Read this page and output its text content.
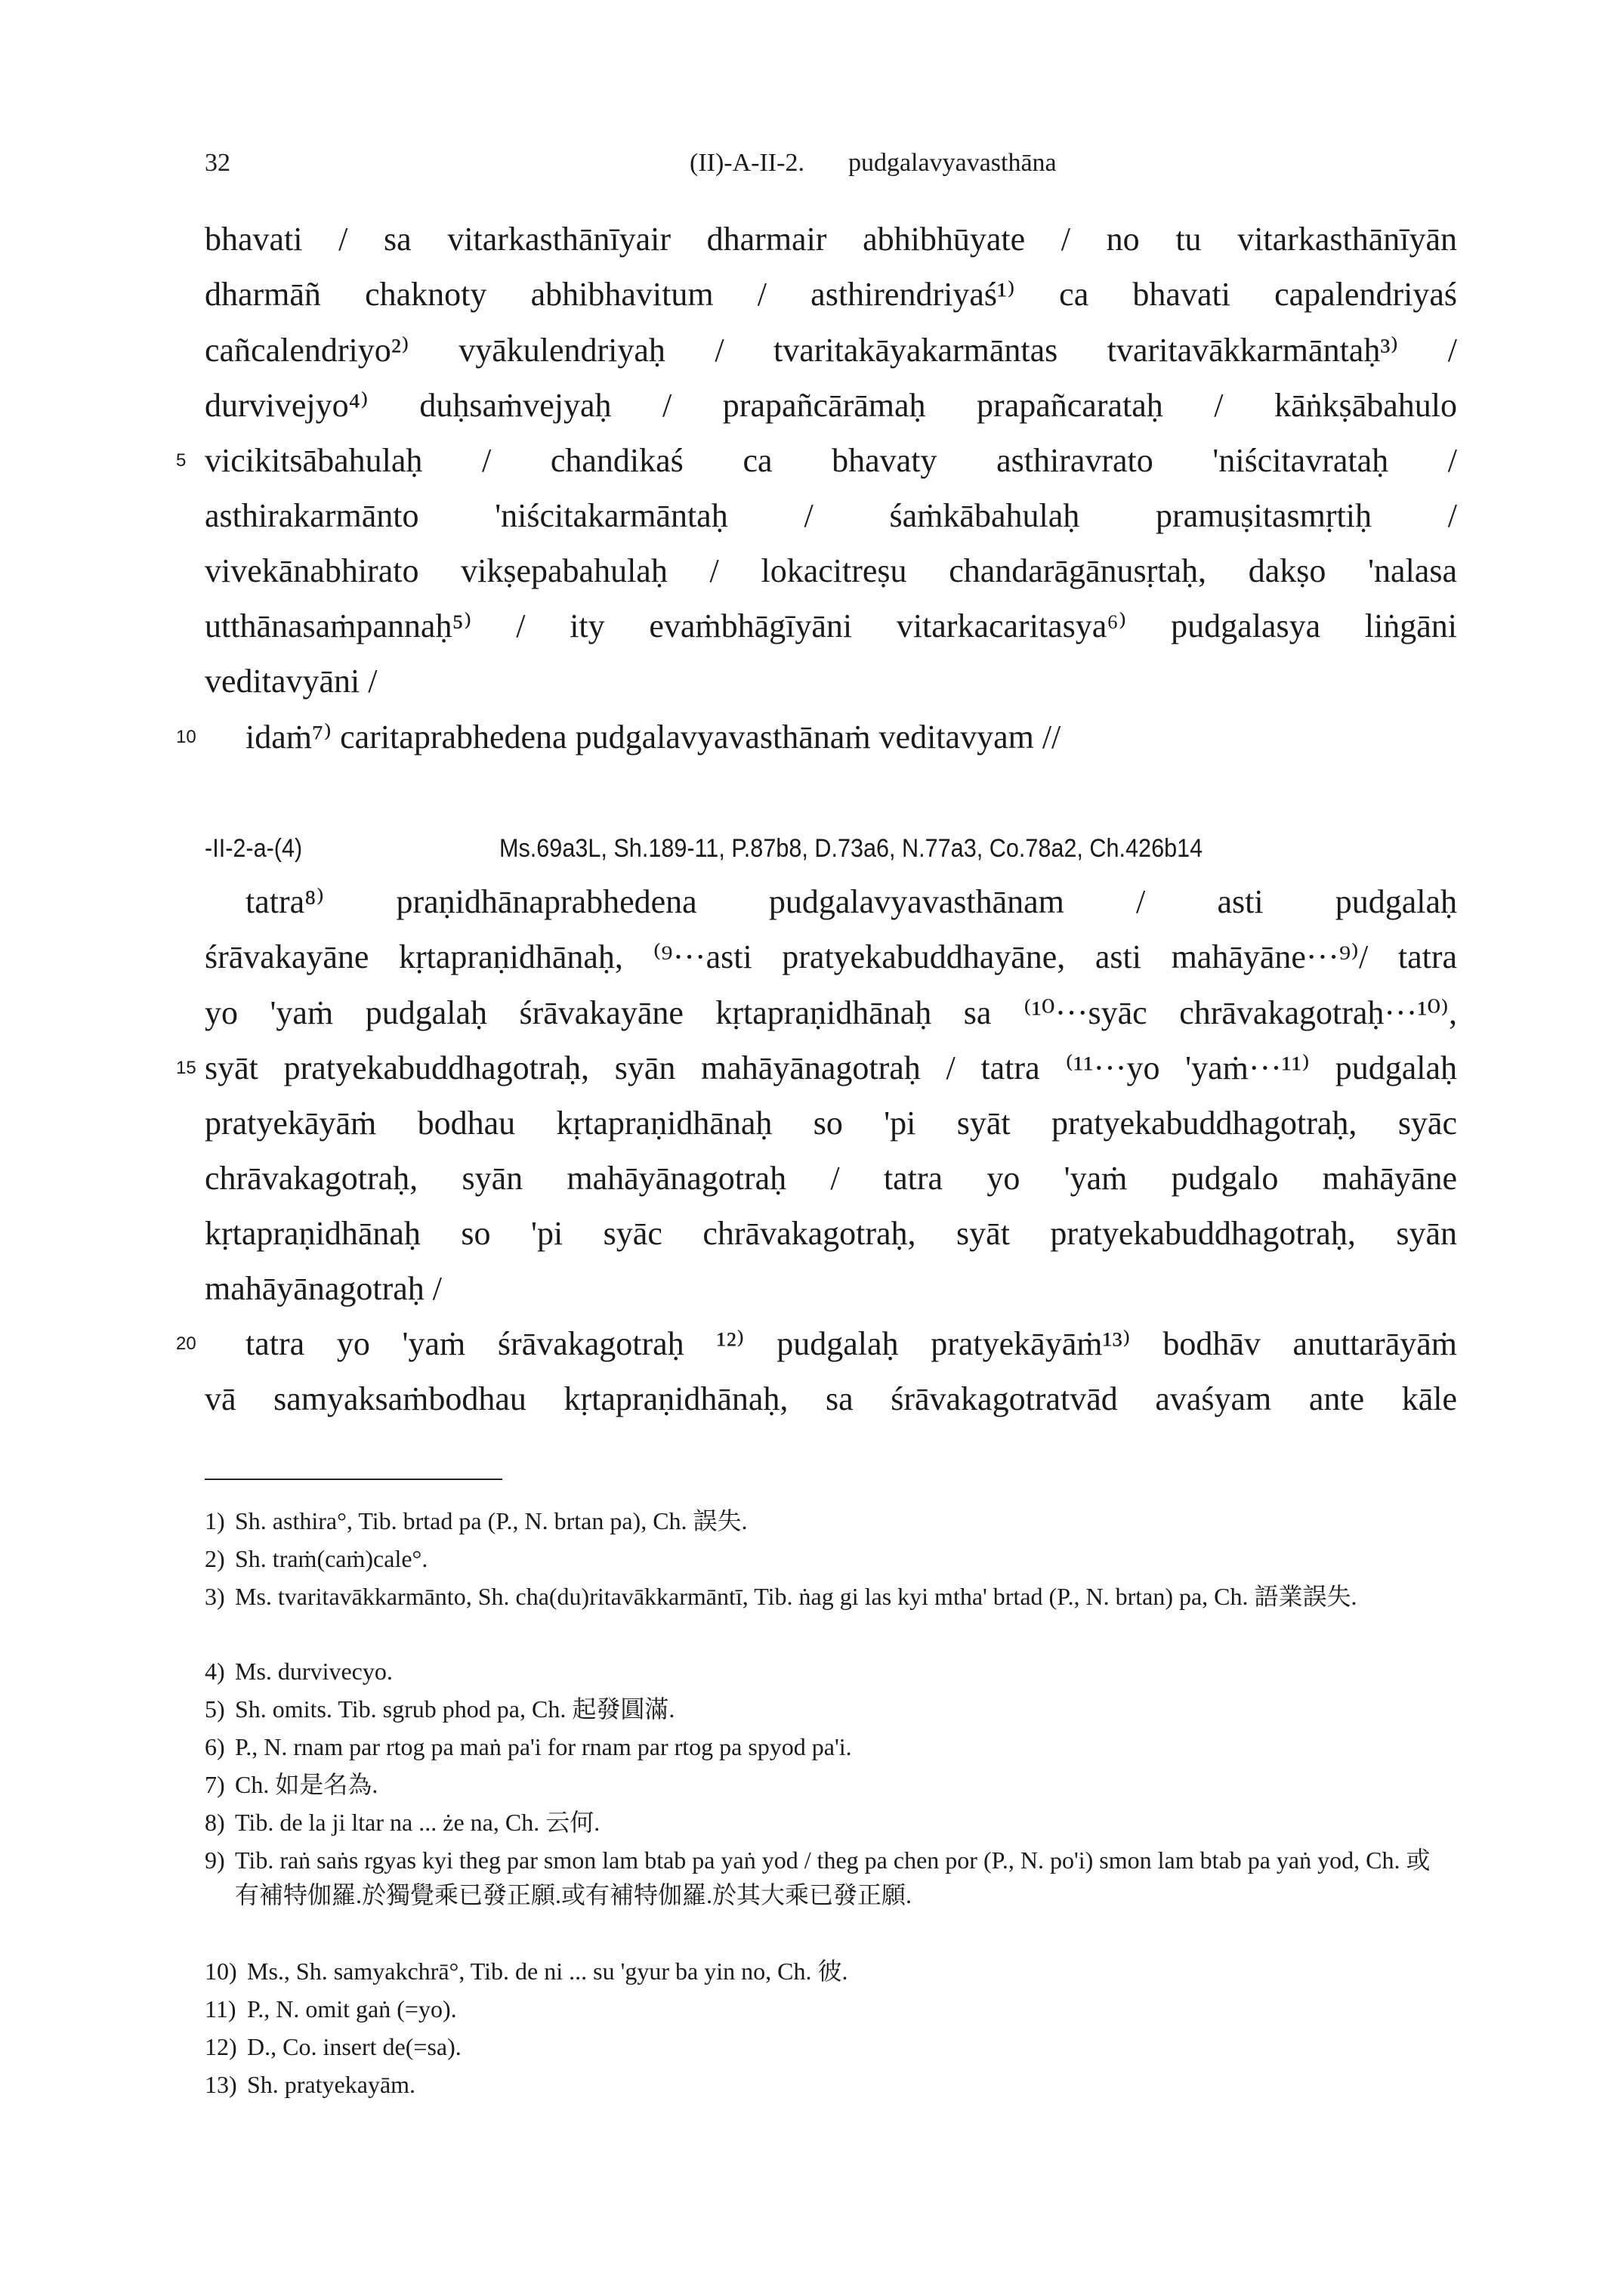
32	(II)-A-II-2. pudgalavyavasthāna
bhavati / sa vitarkasthānīyair dharmair abhibhūyate / no tu vitarkasthānīyān
dharmāñ chaknoty abhibhavitum / asthirendriyaś¹⁾ ca bhavati capalendriyaś
cañcalendriyo²⁾ vyākulendriyaḥ / tvaritakāyakarmāntas tvaritavākkarmāntaḥ³⁾ /
durvivejyo⁴⁾ duḥsaṁvejyaḥ / prapañcārāmaḥ prapañcarataḥ / kāṅkṣābahulo
5 vicikitsābahulaḥ / chandikaś ca bhavaty asthiravrato 'niścitavrataḥ /
asthirakarmānto 'niścitakarmāntaḥ / śaṁkābahulaḥ pramuṣitasmṛtiḥ /
vivekānabhirato vikṣepabahulaḥ / lokacitreṣu chandarāgānusṛtaḥ, dakṣo 'nalasa
utthānasaṁpannaḥ⁵⁾ / ity evaṁbhāgīyāni vitarkacaritasya⁶⁾ pudgalasya liṅgāni
veditavyāni /
10 idaṁ⁷⁾ caritaprabhedena pudgalavyavasthānaṁ veditavyam //
-II-2-a-(4)	Ms.69a3L, Sh.189-11, P.87b8, D.73a6, N.77a3, Co.78a2, Ch.426b14
tatra⁸⁾ praṇidhānaprabhedena pudgalavyavasthānam / asti pudgalaḥ
śrāvakayāne kṛtapraṇidhānaḥ, ⁽⁹···asti pratyekabuddhayāne, asti mahāyāne···⁹⁾/ tatra
yo 'yaṁ pudgalaḥ śrāvakayāne kṛtapraṇidhānaḥ sa ⁽¹⁰···syāc chrāvakagotraḥ···¹⁰⁾,
15 syāt pratyekabuddhagotraḥ, syān mahāyānagotraḥ / tatra ⁽¹¹···yo 'yaṁ···¹¹⁾ pudgalaḥ
pratyekāyāṁ bodhau kṛtapraṇidhānaḥ so 'pi syāt pratyekabuddhagotraḥ, syāc
chrāvakagotraḥ, syān mahāyānagotraḥ / tatra yo 'yaṁ pudgalo mahāyāne
kṛtapraṇidhānaḥ so 'pi syāc chrāvakagotraḥ, syāt pratyekabuddhagotraḥ, syān
mahāyānagotraḥ /
20 tatra yo 'yaṁ śrāvakagotraḥ ¹²⁾ pudgalaḥ pratyekāyāṁ¹³⁾ bodhāv anuttarāyāṁ
vā samyaksaṁbodhau kṛtapraṇidhānaḥ, sa śrāvakagotratvād avaśyam ante kāle
1) Sh. asthira°, Tib. brtad pa (P., N. brtan pa), Ch. 誤失.
2) Sh. traṁ(caṁ)cale°.
3) Ms. tvaritavākkarmānto, Sh. cha(du)ritavākkarmāntī, Tib. ṅag gi las kyi mtha' brtad (P., N. brtan) pa, Ch. 語業誤失.
4) Ms. durvivecyo.
5) Sh. omits. Tib. sgrub phod pa, Ch. 起發圓滿.
6) P., N. rnam par rtog pa maṅ pa'i for rnam par rtog pa spyod pa'i.
7) Ch. 如是名為.
8) Tib. de la ji ltar na ... że na, Ch. 云何.
9) Tib. raṅ saṅs rgyas kyi theg par smon lam btab pa yaṅ yod / theg pa chen por (P., N. po'i) smon lam btab pa yaṅ yod, Ch. 或有補特伽羅.於獨覺乘已發正願.或有補特伽羅.於其大乘已發正願.
10) Ms., Sh. samyakchrā°, Tib. de ni ... su 'gyur ba yin no, Ch. 彼.
11) P., N. omit gaṅ (=yo).
12) D., Co. insert de(=sa).
13) Sh. pratyekayām.
